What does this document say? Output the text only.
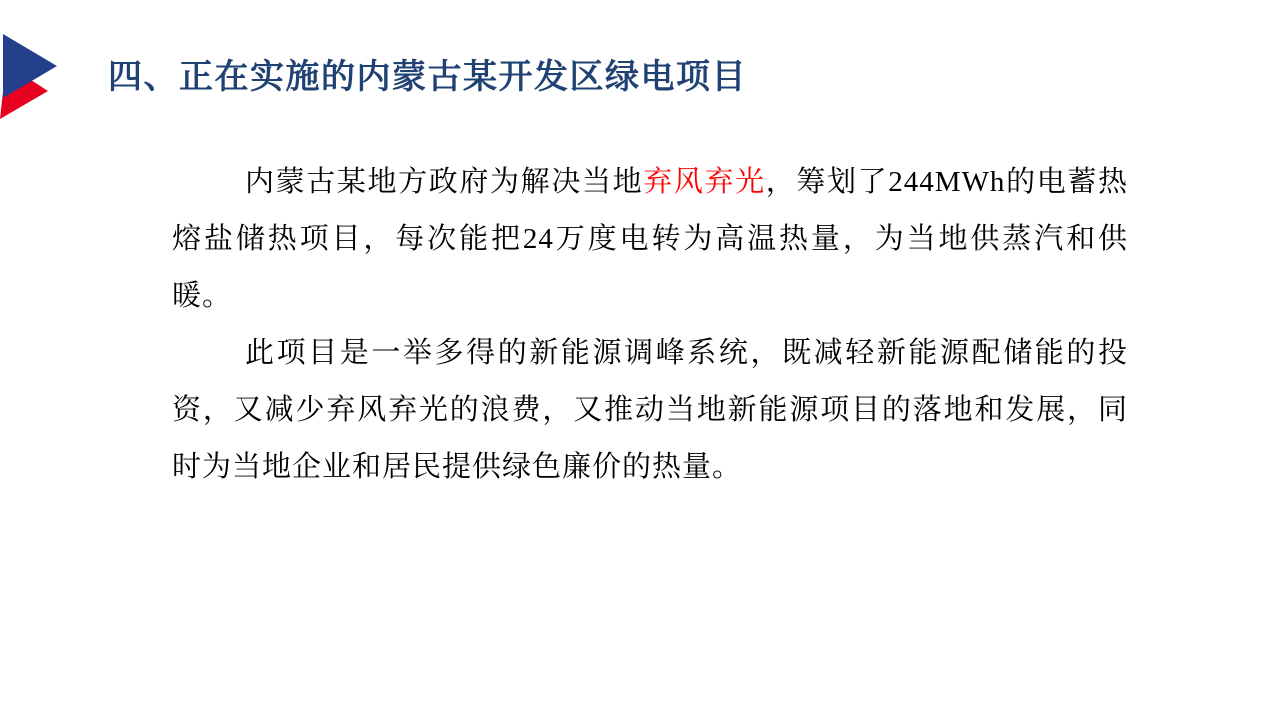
四、正在实施的内蒙古某开发区绿电项目

内蒙古某地方政府为解决当地弃风弃光，筹划了244MWh的电蓄热熔盐储热项目，每次能把24万度电转为高温热量，为当地供蒸汽和供暖。

此项目是一举多得的新能源调峰系统，既减轻新能源配储能的投资，又减少弃风弃光的浪费，又推动当地新能源项目的落地和发展，同时为当地企业和居民提供绿色廉价的热量。
